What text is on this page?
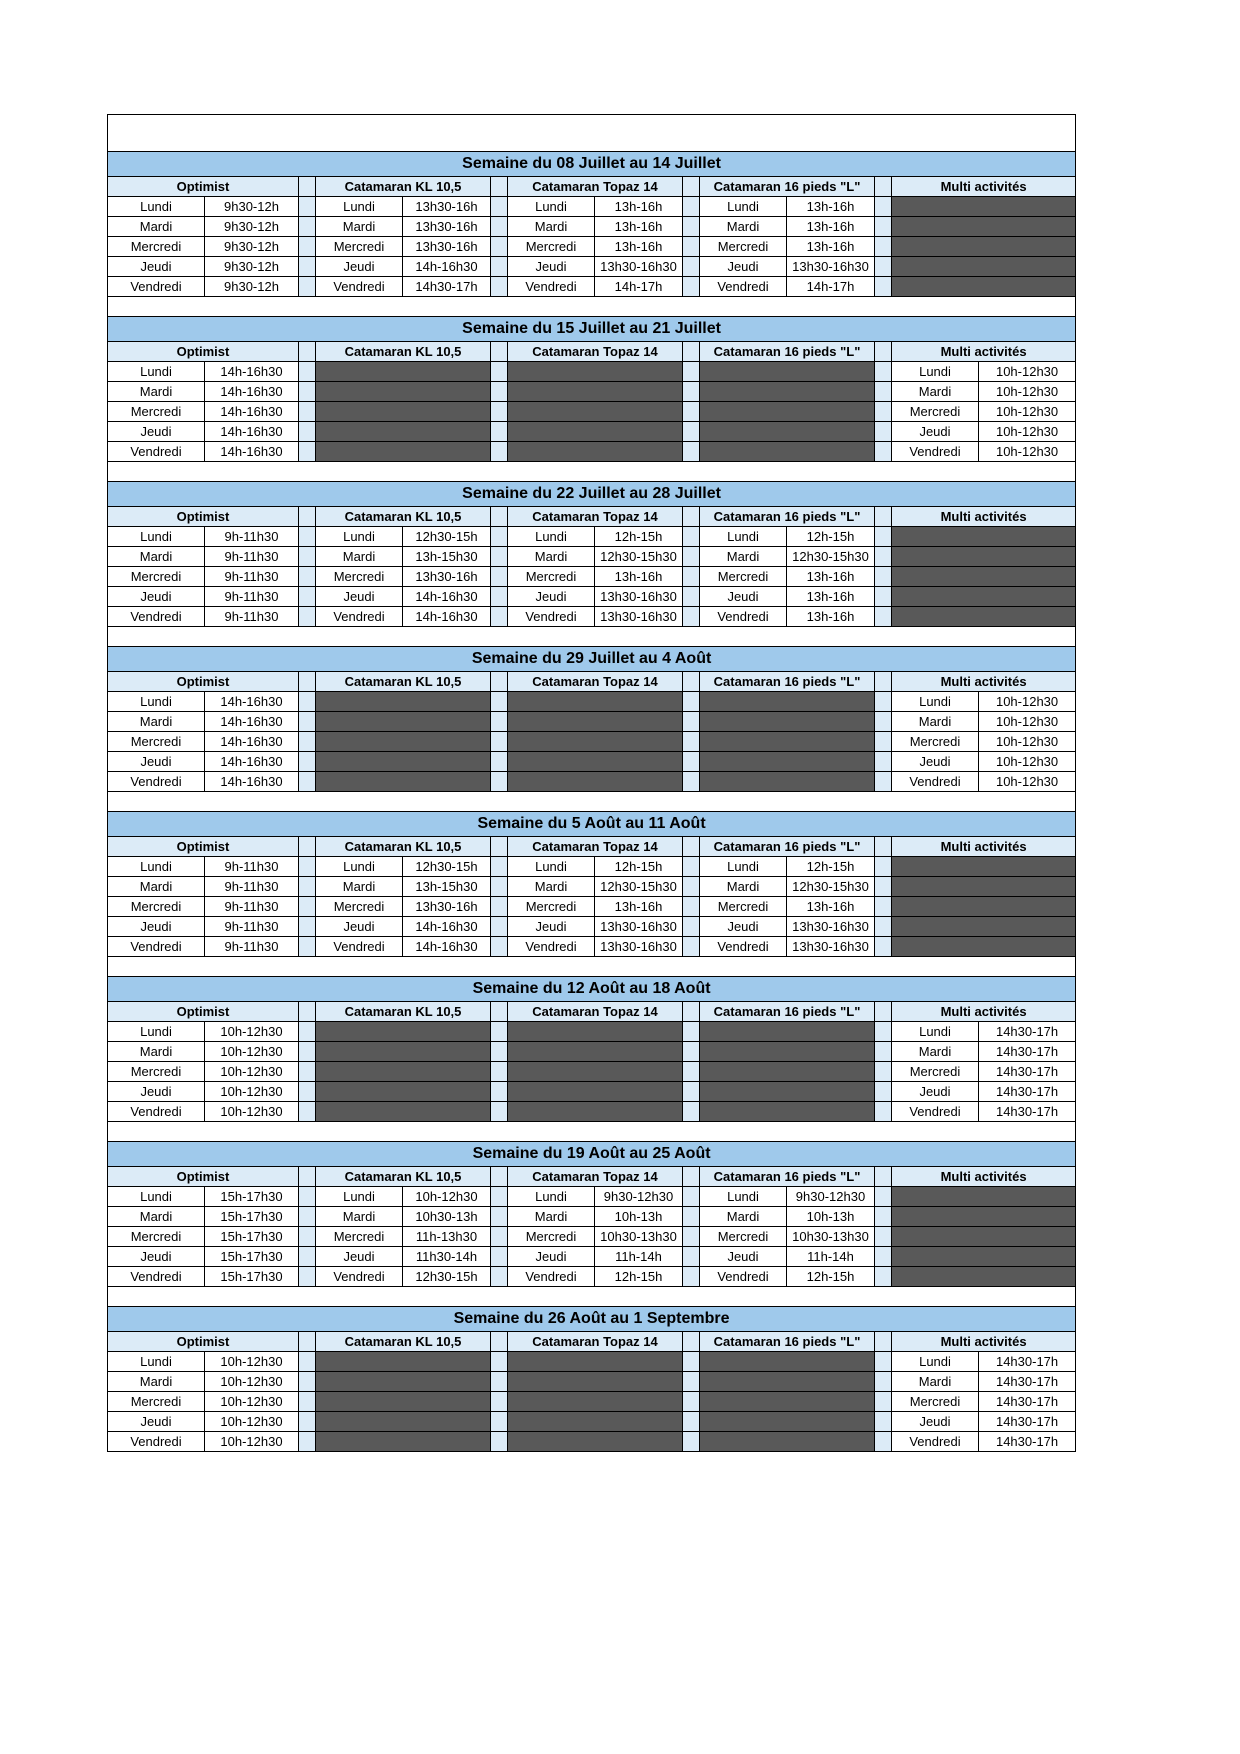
Semaine du 08 Juillet au 14 Juillet													
Optimist			Catamaran KL 10,5			Catamaran Topaz 14			Catamaran 16 pieds "L"			Multi activités	
Lundi	9h30-12h		Lundi	13h30-16h		Lundi	13h-16h		Lundi	13h-16h			
Mardi	9h30-12h		Mardi	13h30-16h		Mardi	13h-16h		Mardi	13h-16h			
Mercredi	9h30-12h		Mercredi	13h30-16h		Mercredi	13h-16h		Mercredi	13h-16h			
Jeudi	9h30-12h		Jeudi	14h-16h30		Jeudi	13h30-16h30		Jeudi	13h30-16h30			
Vendredi	9h30-12h		Vendredi	14h30-17h		Vendredi	14h-17h		Vendredi	14h-17h			

Semaine du 15 Juillet au 21 Juillet													
Optimist			Catamaran KL 10,5			Catamaran Topaz 14			Catamaran 16 pieds "L"			Multi activités	
Lundi	14h-16h30											Lundi	10h-12h30
Mardi	14h-16h30											Mardi	10h-12h30
Mercredi	14h-16h30											Mercredi	10h-12h30
Jeudi	14h-16h30											Jeudi	10h-12h30
Vendredi	14h-16h30											Vendredi	10h-12h30

Semaine du 22 Juillet au 28 Juillet													
Optimist			Catamaran KL 10,5			Catamaran Topaz 14			Catamaran 16 pieds "L"			Multi activités	
Lundi	9h-11h30		Lundi	12h30-15h		Lundi	12h-15h		Lundi	12h-15h			
Mardi	9h-11h30		Mardi	13h-15h30		Mardi	12h30-15h30		Mardi	12h30-15h30			
Mercredi	9h-11h30		Mercredi	13h30-16h		Mercredi	13h-16h		Mercredi	13h-16h			
Jeudi	9h-11h30		Jeudi	14h-16h30		Jeudi	13h30-16h30		Jeudi	13h-16h			
Vendredi	9h-11h30		Vendredi	14h-16h30		Vendredi	13h30-16h30		Vendredi	13h-16h			

Semaine du 29 Juillet au 4 Août													
Optimist			Catamaran KL 10,5			Catamaran Topaz 14			Catamaran 16 pieds "L"			Multi activités	
Lundi	14h-16h30											Lundi	10h-12h30
Mardi	14h-16h30											Mardi	10h-12h30
Mercredi	14h-16h30											Mercredi	10h-12h30
Jeudi	14h-16h30											Jeudi	10h-12h30
Vendredi	14h-16h30											Vendredi	10h-12h30

Semaine du 5 Août au 11 Août													
Optimist			Catamaran KL 10,5			Catamaran Topaz 14			Catamaran 16 pieds "L"			Multi activités	
Lundi	9h-11h30		Lundi	12h30-15h		Lundi	12h-15h		Lundi	12h-15h			
Mardi	9h-11h30		Mardi	13h-15h30		Mardi	12h30-15h30		Mardi	12h30-15h30			
Mercredi	9h-11h30		Mercredi	13h30-16h		Mercredi	13h-16h		Mercredi	13h-16h			
Jeudi	9h-11h30		Jeudi	14h-16h30		Jeudi	13h30-16h30		Jeudi	13h30-16h30			
Vendredi	9h-11h30		Vendredi	14h-16h30		Vendredi	13h30-16h30		Vendredi	13h30-16h30			

Semaine du 12 Août au 18 Août													
Optimist			Catamaran KL 10,5			Catamaran Topaz 14			Catamaran 16 pieds "L"			Multi activités	
Lundi	10h-12h30											Lundi	14h30-17h
Mardi	10h-12h30											Mardi	14h30-17h
Mercredi	10h-12h30											Mercredi	14h30-17h
Jeudi	10h-12h30											Jeudi	14h30-17h
Vendredi	10h-12h30											Vendredi	14h30-17h

Semaine du 19 Août au 25 Août													
Optimist			Catamaran KL 10,5			Catamaran Topaz 14			Catamaran 16 pieds "L"			Multi activités	
Lundi	15h-17h30		Lundi	10h-12h30		Lundi	9h30-12h30		Lundi	9h30-12h30			
Mardi	15h-17h30		Mardi	10h30-13h		Mardi	10h-13h		Mardi	10h-13h			
Mercredi	15h-17h30		Mercredi	11h-13h30		Mercredi	10h30-13h30		Mercredi	10h30-13h30			
Jeudi	15h-17h30		Jeudi	11h30-14h		Jeudi	11h-14h		Jeudi	11h-14h			
Vendredi	15h-17h30		Vendredi	12h30-15h		Vendredi	12h-15h		Vendredi	12h-15h			

Semaine du 26 Août au 1 Septembre													
Optimist			Catamaran KL 10,5			Catamaran Topaz 14			Catamaran 16 pieds "L"			Multi activités	
Lundi	10h-12h30											Lundi	14h30-17h
Mardi	10h-12h30											Mardi	14h30-17h
Mercredi	10h-12h30											Mercredi	14h30-17h
Jeudi	10h-12h30											Jeudi	14h30-17h
Vendredi	10h-12h30											Vendredi	14h30-17h
